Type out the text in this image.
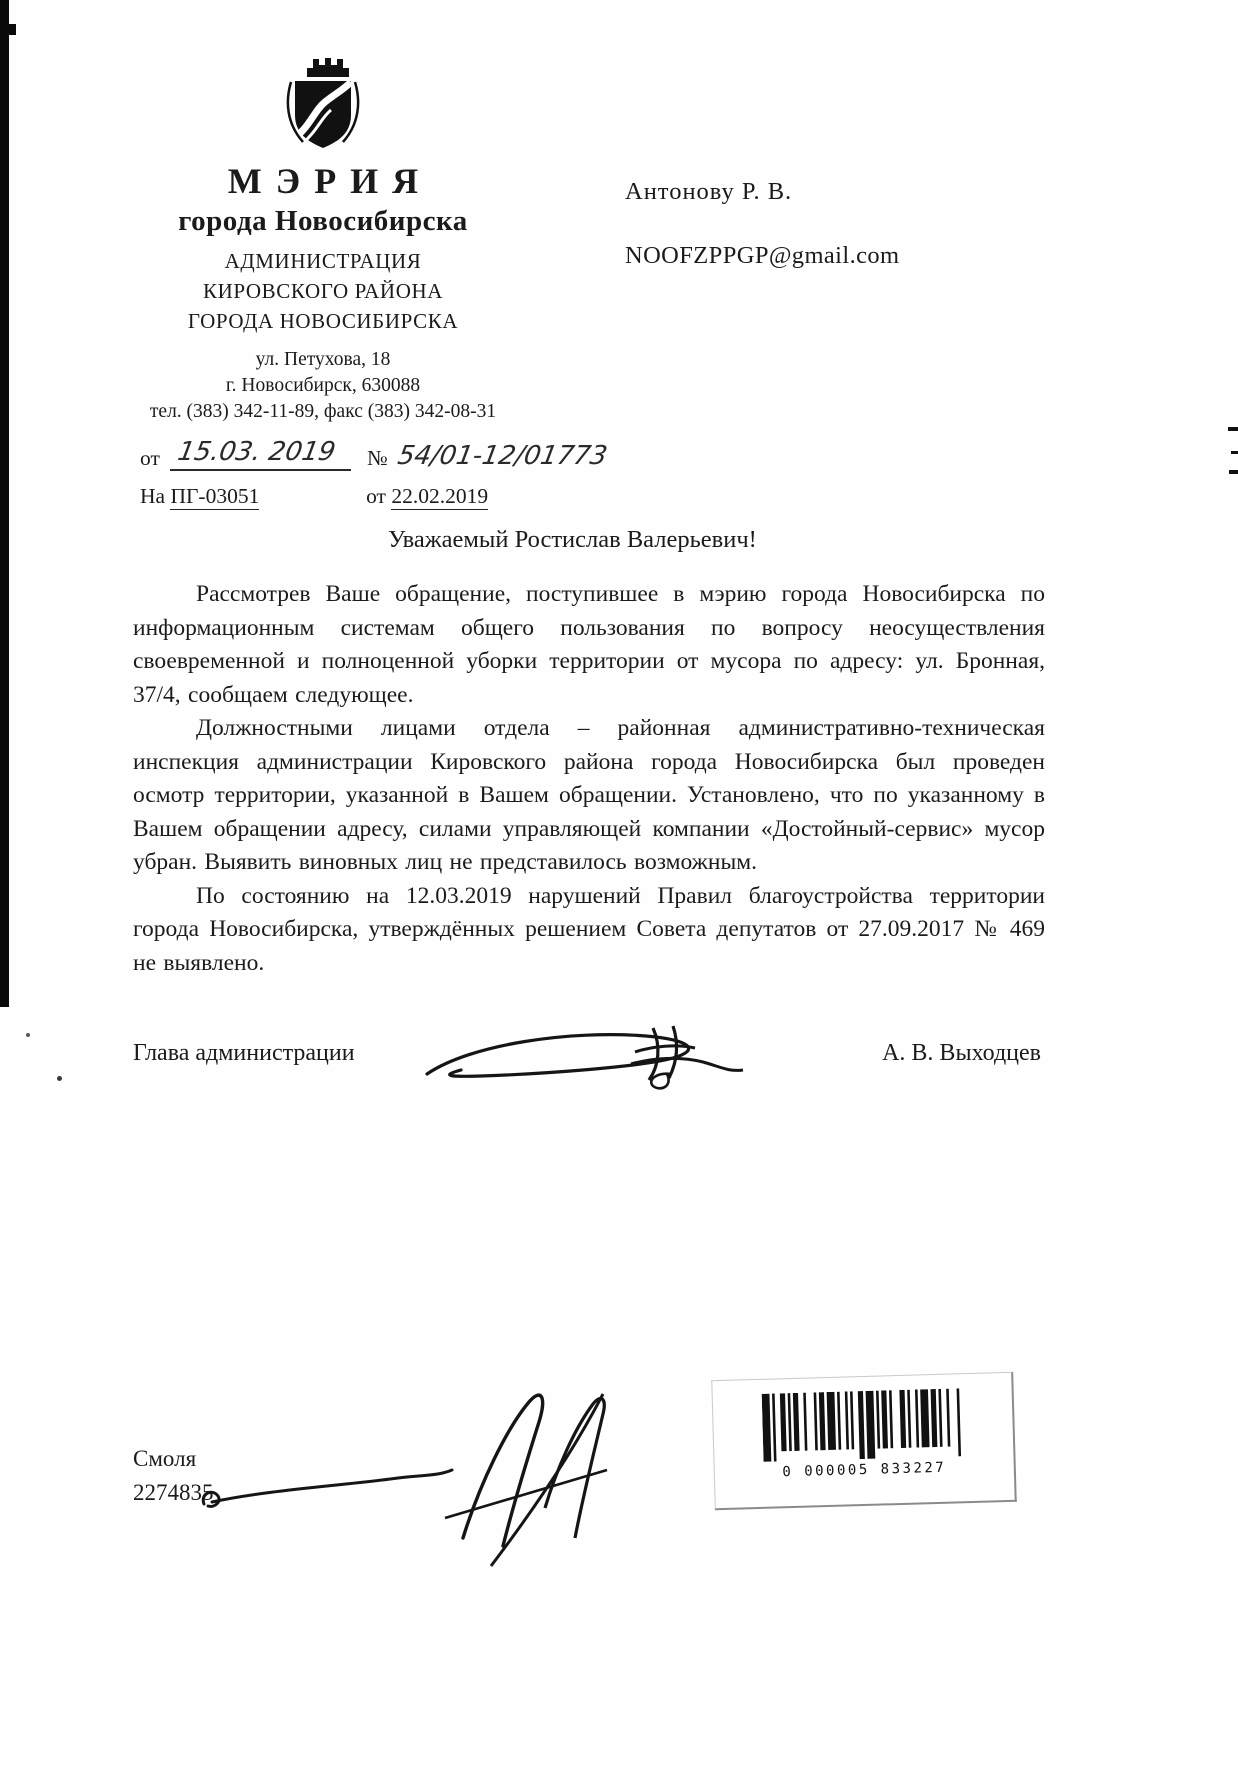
МЭРИЯ
города Новосибирска
АДМИНИСТРАЦИЯ
КИРОВСКОГО РАЙОНА
ГОРОДА НОВОСИБИРСКА
ул. Петухова, 18
г. Новосибирск, 630088
тел. (383) 342-11-89, факс (383) 342-08-31
от 15.03. 2019	№ 54/01-12/01773
На ПГ-03051	от 22.02.2019
Антонову Р. В.
NOOFZPPGP@gmail.com
Уважаемый Ростислав Валерьевич!

Рассмотрев Ваше обращение, поступившее в мэрию города Новосибирска по информационным системам общего пользования по вопросу неосуществления своевременной и полноценной уборки территории от мусора по адресу: ул. Бронная, 37/4, сообщаем следующее.

Должностными лицами отдела – районная административно-техническая инспекция администрации Кировского района города Новосибирска был проведен осмотр территории, указанной в Вашем обращении. Установлено, что по указанному в Вашем обращении адресу, силами управляющей компании «Достойный-сервис» мусор убран. Выявить виновных лиц не представилось возможным.

По состоянию на 12.03.2019 нарушений Правил благоустройства территории города Новосибирска, утверждённых решением Совета депутатов от 27.09.2017 № 469 не выявлено.

Глава администрации	А. В. Выходцев
Смоля
2274835
0 000005 833227
